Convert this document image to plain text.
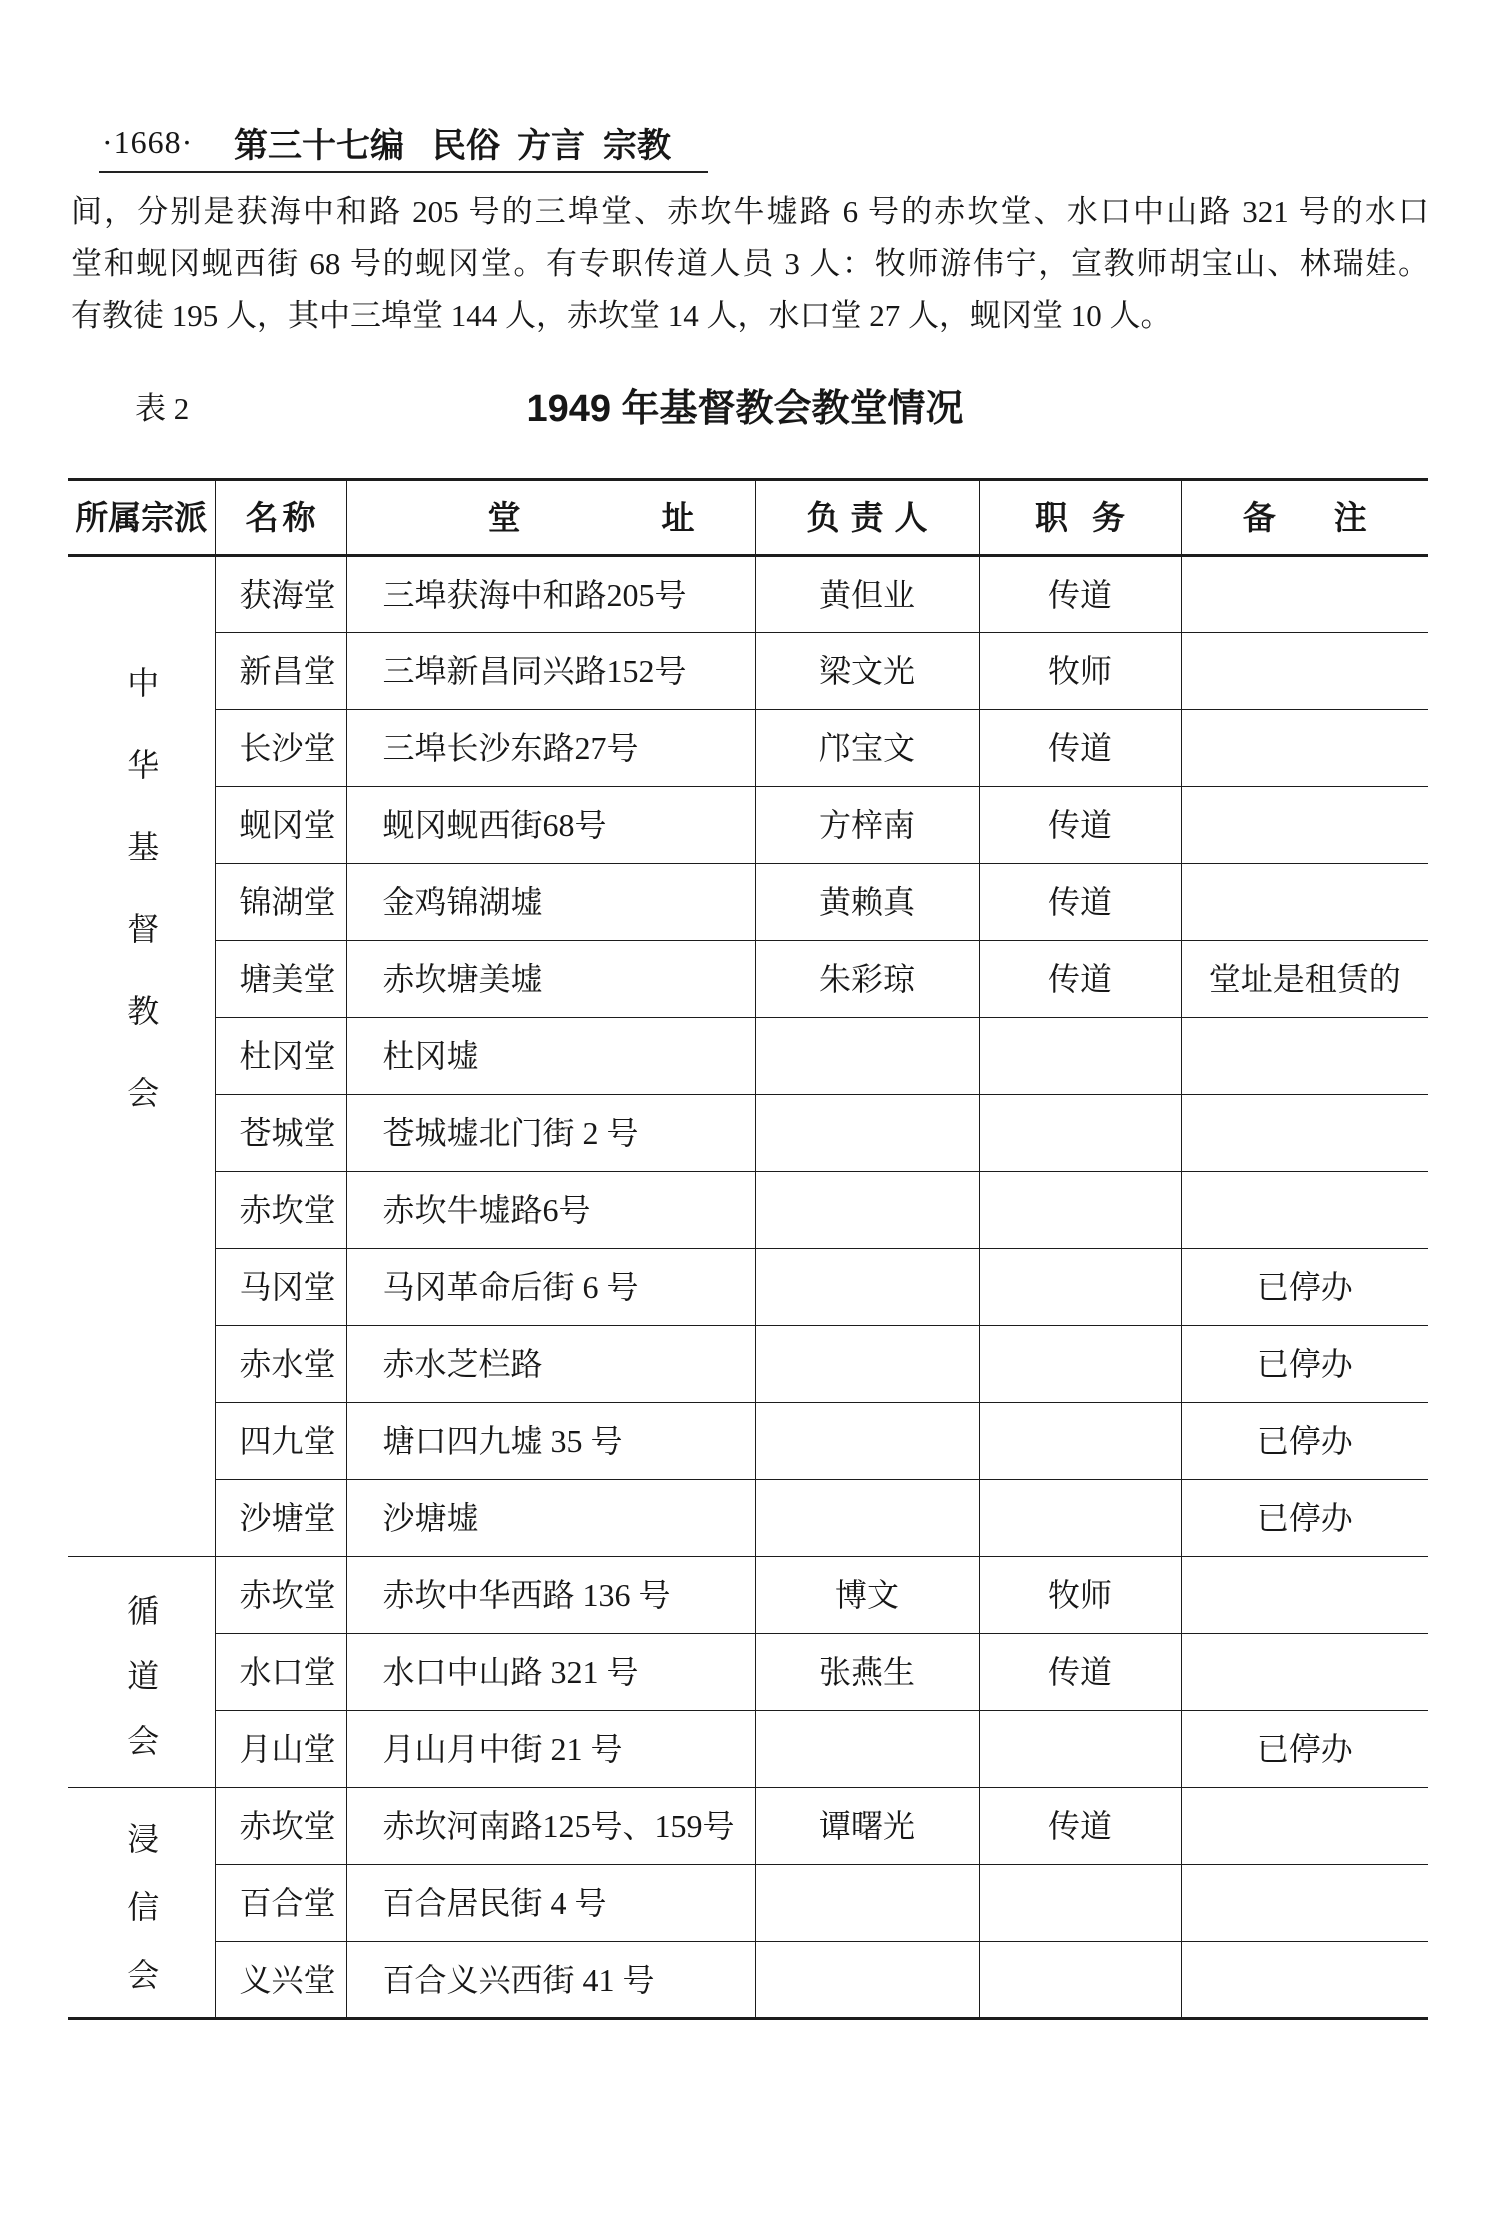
·1668·	第三十七编 民俗 方言 宗教
间，分别是获海中和路 205 号的三埠堂、赤坎牛墟路 6 号的赤坎堂、水口中山路 321 号的水口
堂和蚬冈蚬西街 68 号的蚬冈堂。有专职传道人员 3 人：牧师游伟宁，宣教师胡宝山、林瑞娃。
有教徒 195 人，其中三埠堂 144 人，赤坎堂 14 人，水口堂 27 人，蚬冈堂 10 人。
表 2	1949 年基督教会教堂情况
所属宗派	名称	堂址	负责人	职务	备注

中华基督教会	获海堂	三埠获海中和路205号	黄但业	传道	
	新昌堂	三埠新昌同兴路152号	梁文光	牧师	
	长沙堂	三埠长沙东路27号	邝宝文	传道	
	蚬冈堂	蚬冈蚬西街68号	方梓南	传道	
	锦湖堂	金鸡锦湖墟	黄赖真	传道	
	塘美堂	赤坎塘美墟	朱彩琼	传道	堂址是租赁的
	杜冈堂	杜冈墟			
	苍城堂	苍城墟北门街 2 号			
	赤坎堂	赤坎牛墟路6号			
	马冈堂	马冈革命后街 6 号			已停办
	赤水堂	赤水芝栏路			已停办
	四九堂	塘口四九墟 35 号			已停办
	沙塘堂	沙塘墟			已停办

循道会	赤坎堂	赤坎中华西路 136 号	博文	牧师	
	水口堂	水口中山路 321 号	张燕生	传道	
	月山堂	月山月中街 21 号			已停办

浸信会	赤坎堂	赤坎河南路125号、159号	谭曙光	传道	
	百合堂	百合居民街 4 号			
	义兴堂	百合义兴西街 41 号			
